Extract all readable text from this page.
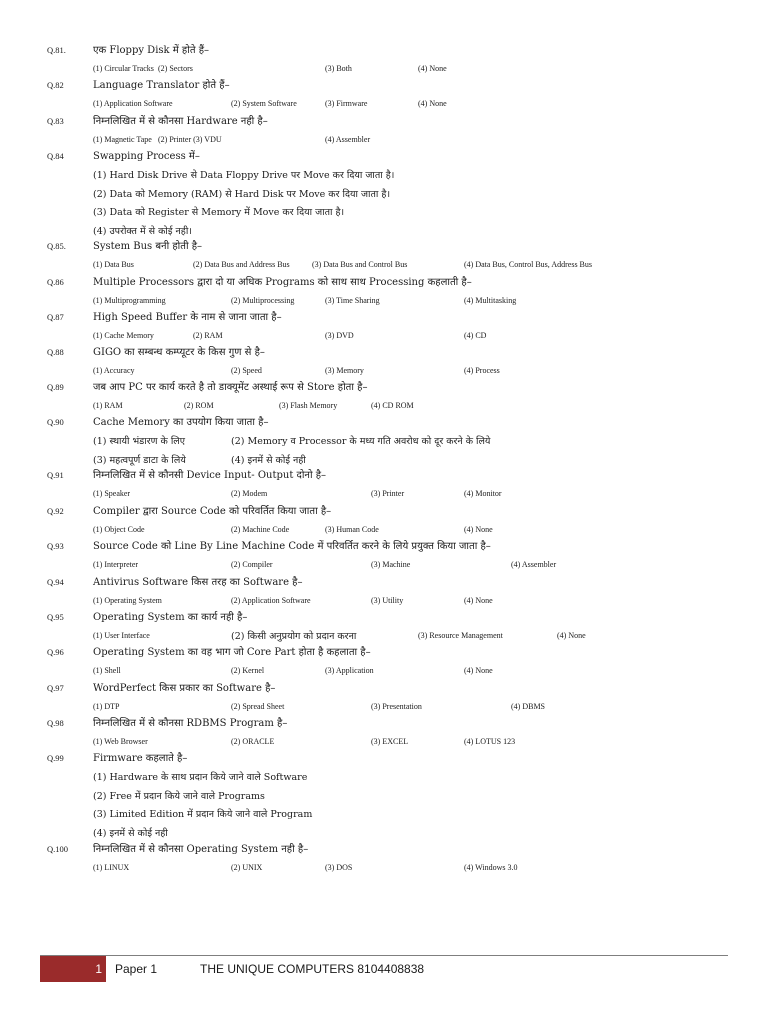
Q.81.	एक Floppy Disk में होते हैं–
(1) Circular Tracks (2) Sectors	(3) Both	(4) None
Q.82	Language Translator होते हैं–
(1) Application Software	(2) System Software	(3) Firmware	(4) None
Q.83	निम्नलिखित में से कौनसा Hardware नही है–
(1) Magnetic Tape (2) Printer (3) VDU	(4) Assembler
Q.84	Swapping Process में–
(1) Hard Disk Drive से Data Floppy Drive पर Move कर दिया जाता है।
(2) Data को Memory (RAM) से Hard Disk पर Move कर दिया जाता है।
(3) Data को Register से Memory में Move कर दिया जाता है।
(4) उपरोक्त में से कोई नही।
Q.85.	System Bus बनी होती है–
(1) Data Bus	(2) Data Bus and Address Bus	(3) Data Bus and Control Bus	(4) Data Bus, Control Bus, Address Bus
Q.86	Multiple Processors द्वारा दो या अधिक Programs को साथ साथ Processing कहलाती है–
(1) Multiprogramming	(2) Multiprocessing	(3) Time Sharing	(4) Multitasking
Q.87	High Speed Buffer के नाम से जाना जाता है–
(1) Cache Memory	(2) RAM	(3) DVD	(4) CD
Q.88	GIGO का सम्बन्ध कम्प्यूटर के किस गुण से है–
(1) Accuracy	(2) Speed	(3) Memory	(4) Process
Q.89	जब आप PC पर कार्य करते है तो डाक्यूमेंट अस्थाई रूप से Store होता है–
(1) RAM	(2) ROM	(3) Flash Memory	(4) CD ROM
Q.90	Cache Memory का उपयोग किया जाता है–
(1) स्थायी भंडारण के लिए	(2) Memory व Processor के मध्य गति अवरोध को दूर करने के लिये
(3) महत्वपूर्ण डाटा के लिये	(4) इनमें से कोई नही
Q.91	निम्नलिखित में से कौनसी Device Input- Output दोनो है–
(1) Speaker	(2) Modem	(3) Printer	(4) Monitor
Q.92	Compiler द्वारा Source Code को परिवर्तित किया जाता है–
(1) Object Code	(2) Machine Code	(3) Human Code	(4) None
Q.93	Source Code को Line By Line Machine Code में परिवर्तित करने के लिये प्रयुक्त किया जाता है–
(1) Interpreter	(2) Compiler	(3) Machine	(4) Assembler
Q.94	Antivirus Software किस तरह का Software है–
(1) Operating System	(2) Application Software	(3) Utility	(4) None
Q.95	Operating System का कार्य नही है–
(1) User Interface	(2) किसी अनुप्रयोग को प्रदान करना	(3) Resource Management	(4) None
Q.96	Operating System का वह भाग जो Core Part होता है कहलाता है–
(1) Shell	(2) Kernel	(3) Application	(4) None
Q.97	WordPerfect किस प्रकार का Software है–
(1) DTP	(2) Spread Sheet	(3) Presentation	(4) DBMS
Q.98	निम्नलिखित में से कौनसा RDBMS Program है–
(1) Web Browser	(2) ORACLE	(3) EXCEL	(4) LOTUS 123
Q.99	Firmware कहलाते है–
(1) Hardware के साथ प्रदान किये जाने वाले Software
(2) Free में प्रदान किये जाने वाले Programs
(3) Limited Edition में प्रदान किये जाने वाले Program
(4) इनमें से कोई नही
Q.100 निम्नलिखित में से कौनसा Operating System नही है–
(1) LINUX	(2) UNIX	(3) DOS	(4) Windows 3.0
1 Paper 1	THE UNIQUE COMPUTERS 8104408838
